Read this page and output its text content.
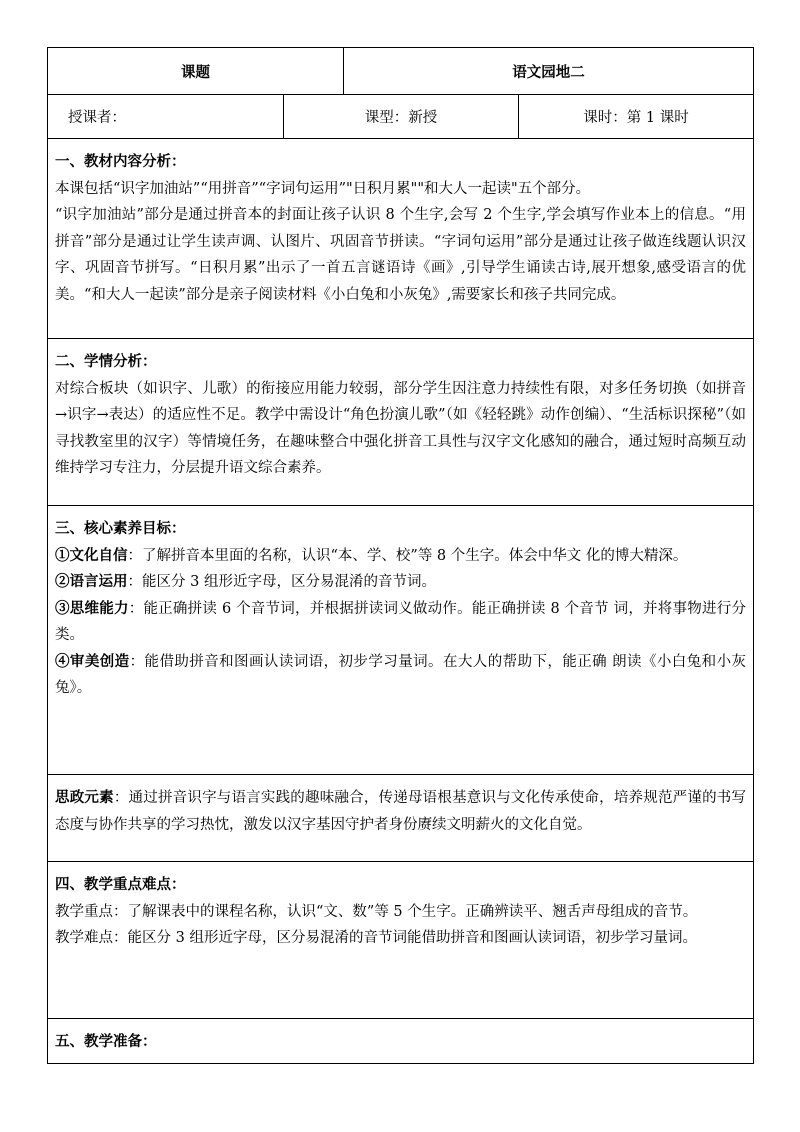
课题		语文园地二	
授课者：	课型：新授		课时：第 1 课时

一、教材内容分析：

本课包括“识字加油站”“用拼音”“字词句运用”"日积月累""和大人一起读"五个部分。

“识字加油站”部分是通过拼音本的封面让孩子认识 8 个生字,会写 2 个生字,学会填写作业本上的信息。“用拼音”部分是通过让学生读声调、认图片、巩固音节拼读。“字词句运用”部分是通过让孩子做连线题认识汉字、巩固音节拼写。“日积月累”出示了一首五言谜语诗《画》,引导学生诵读古诗,展开想象,感受语言的优美。“和大人一起读”部分是亲子阅读材料《小白兔和小灰兔》,需要家长和孩子共同完成。			

二、学情分析：

对综合板块（如识字、儿歌）的衔接应用能力较弱，部分学生因注意力持续性有限，对多任务切换（如拼音→识字→表达）的适应性不足。教学中需设计“角色扮演儿歌”（如《轻轻跳》动作创编）、“生活标识探秘”（如寻找教室里的汉字）等情境任务，在趣味整合中强化拼音工具性与汉字文化感知的融合，通过短时高频互动维持学习专注力，分层提升语文综合素养。			

三、核心素养目标：

①文化自信：了解拼音本里面的名称，认识“本、学、校”等 8 个生字。体会中华文 化的博大精深。

②语言运用：能区分 3 组形近字母，区分易混淆的音节词。

③思维能力：能正确拼读 6 个音节词，并根据拼读词义做动作。能正确拼读 8 个音节 词，并将事物进行分类。

④审美创造：能借助拼音和图画认读词语，初步学习量词。在大人的帮助下，能正确 朗读《小白兔和小灰兔》。			

思政元素：通过拼音识字与语言实践的趣味融合，传递母语根基意识与文化传承使命，培养规范严谨的书写态度与协作共享的学习热忱，激发以汉字基因守护者身份赓续文明薪火的文化自觉。			

四、教学重点难点：

教学重点：了解课表中的课程名称，认识“文、数”等 5 个生字。正确辨读平、翘舌声母组成的音节。

教学难点：能区分 3 组形近字母，区分易混淆的音节词能借助拼音和图画认读词语，初步学习量词。			

五、教学准备：			
